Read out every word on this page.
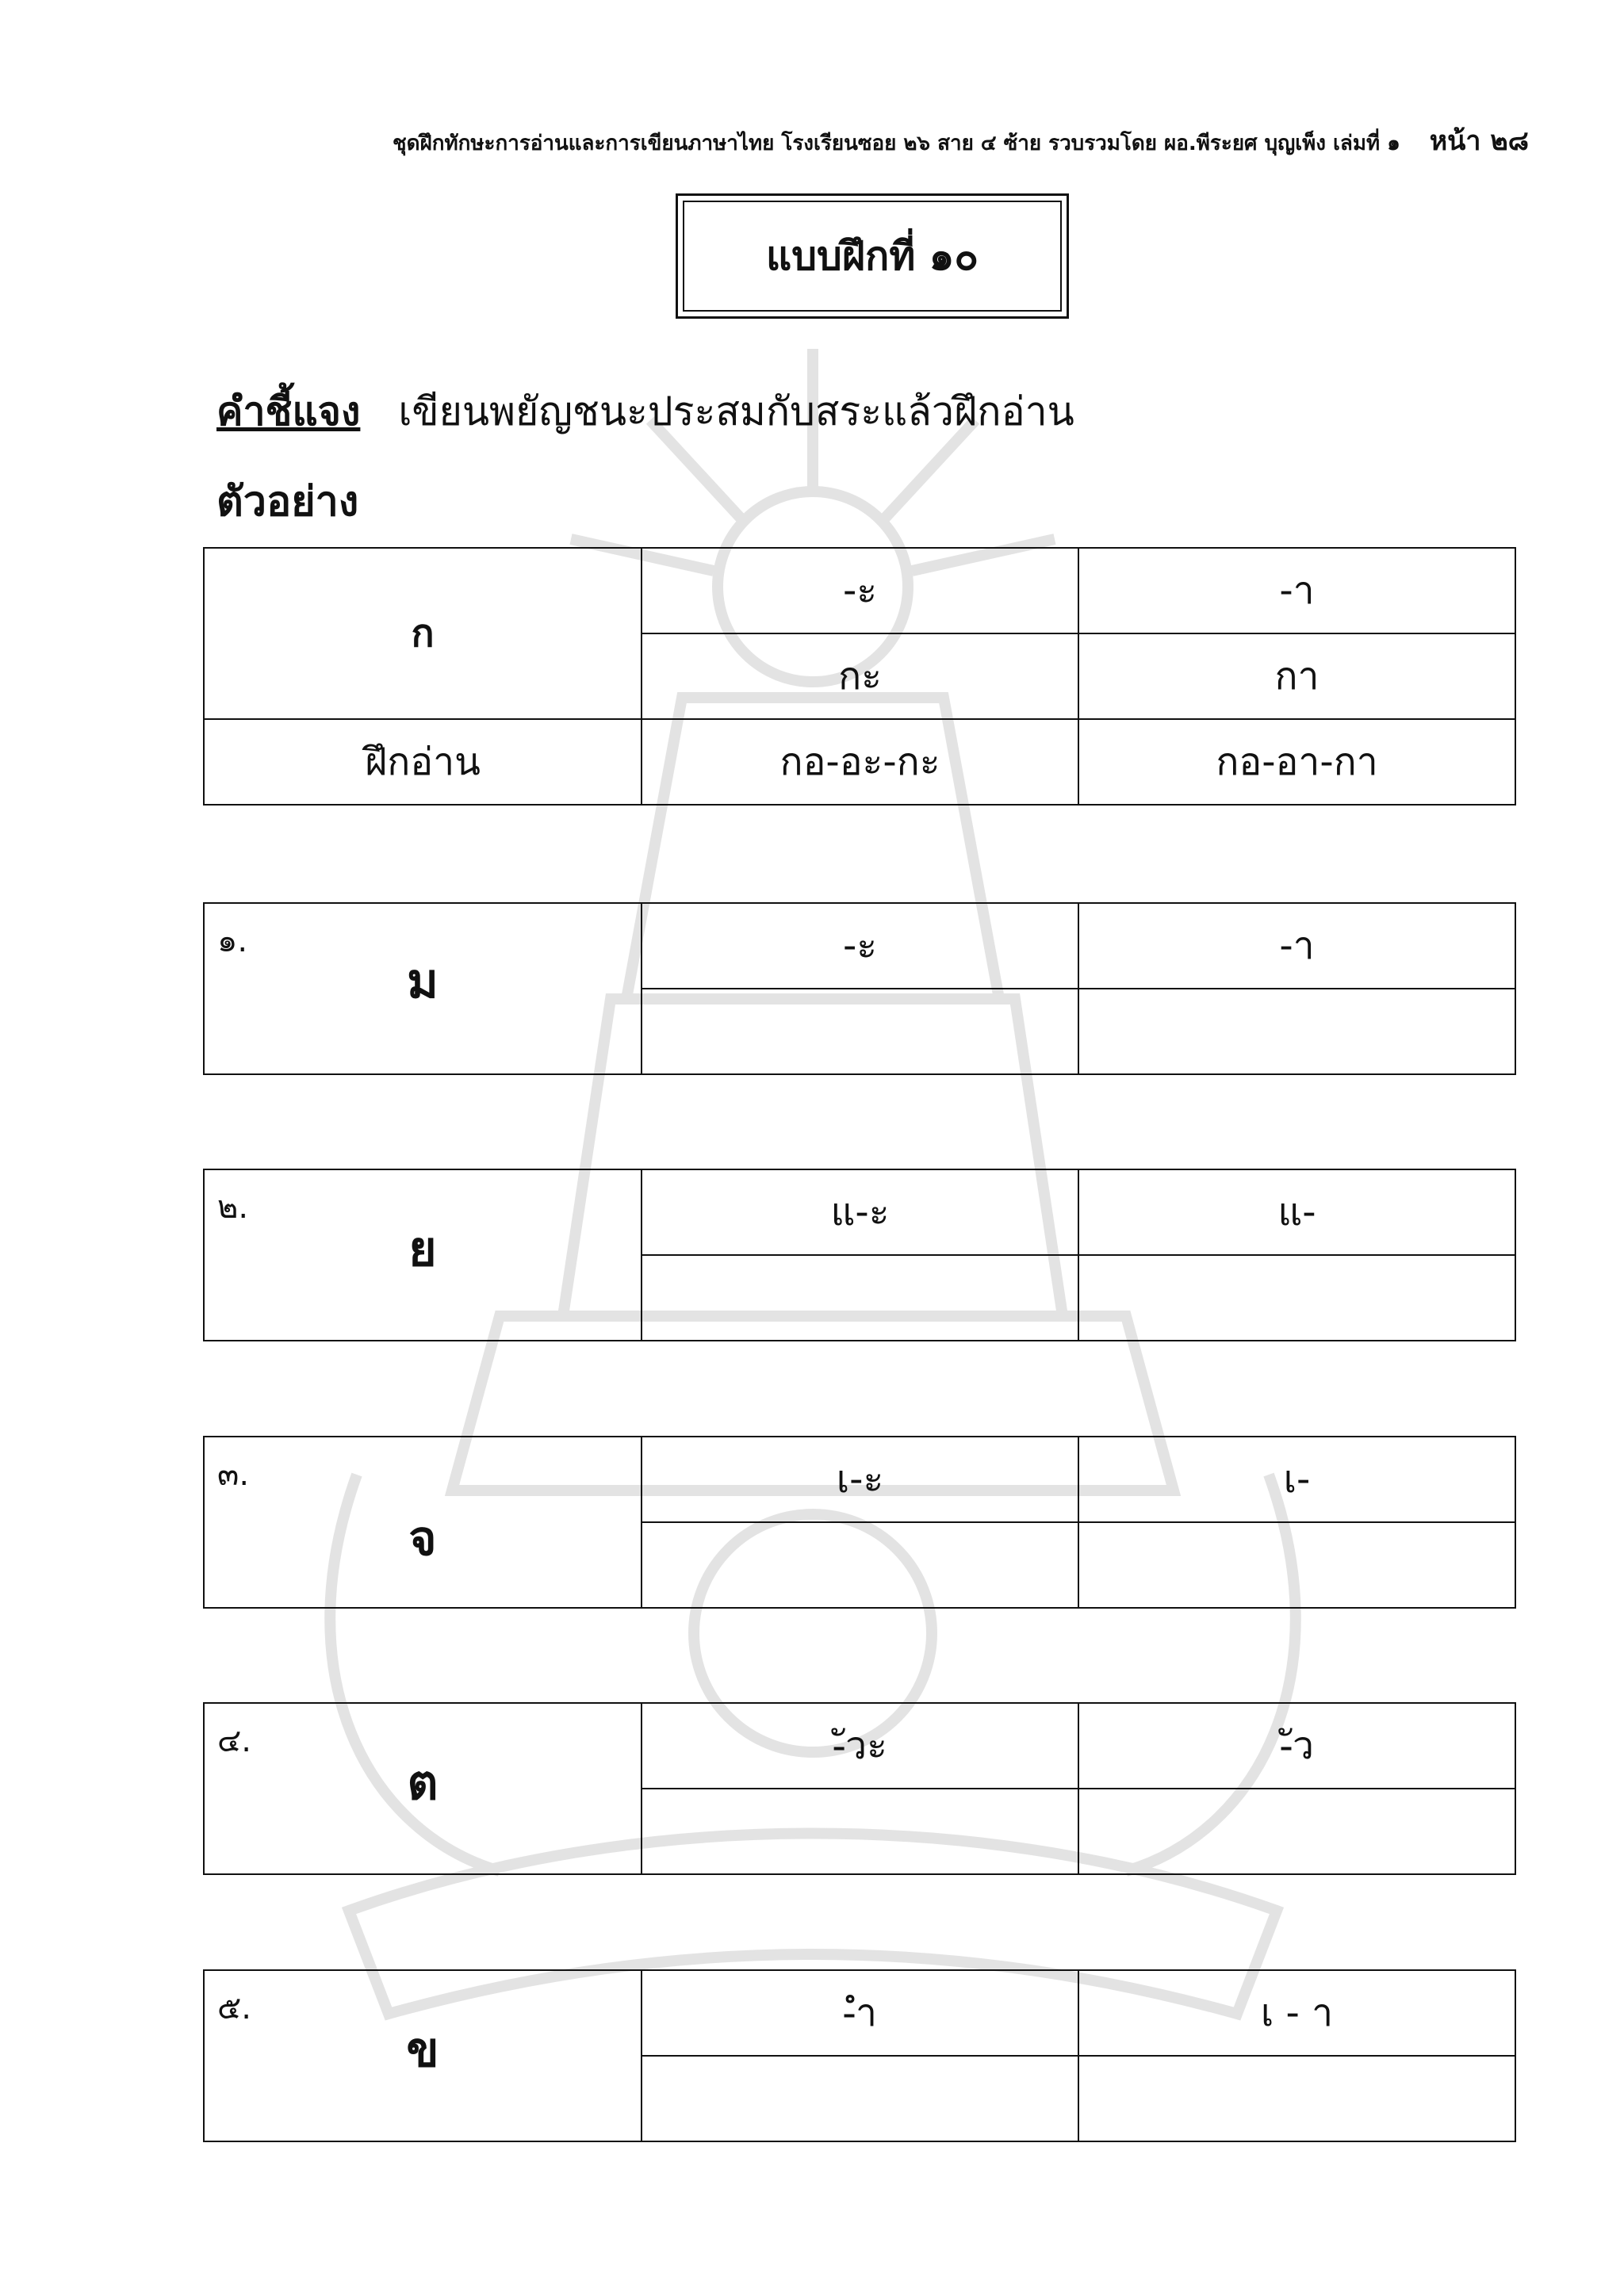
ชุดฝึกทักษะการอ่านและการเขียนภาษาไทย โรงเรียนซอย ๒๖ สาย ๔ ซ้าย รวบรวมโดย ผอ.พีระยศ บุญเพ็ง เล่มที่ ๑ หน้า ๒๘
แบบฝึกที่ ๑๐
คำชี้แจง เขียนพยัญชนะประสมกับสระแล้วฝึกอ่าน
ตัวอย่าง
ก	-ะ	-า
	กะ	กา
ฝึกอ่าน	กอ-อะ-กะ	กอ-อา-กา
๑.
ม	-ะ	-า

๒.
ย	แ-ะ	แ-

๓.
จ	เ-ะ	เ-

๔.
ต	-ัวะ	-ัว

๕.
ข	-ำ	เ - า
